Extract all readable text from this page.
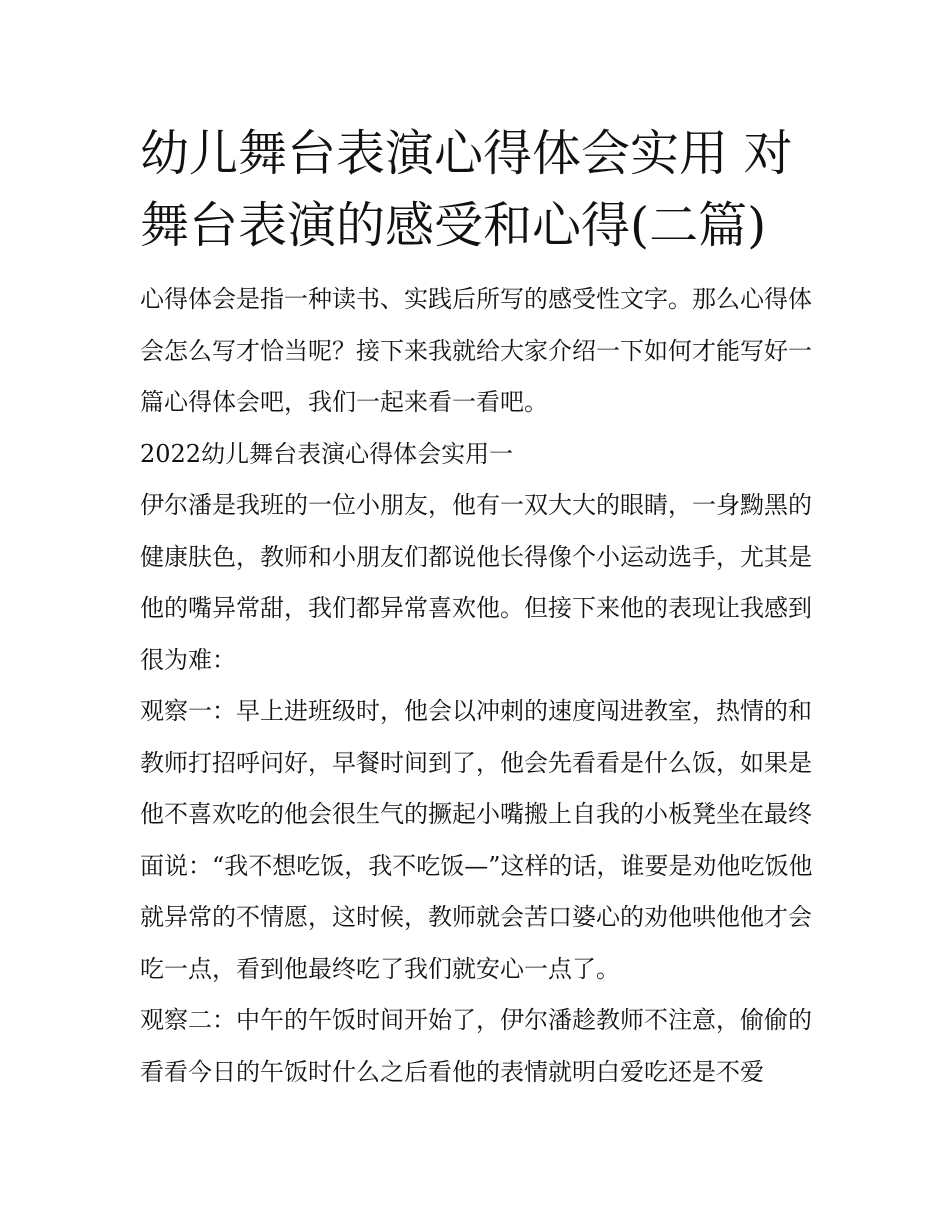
幼儿舞台表演心得体会实用 对舞台表演的感受和心得(二篇)

心得体会是指一种读书、实践后所写的感受性文字。那么心得体会怎么写才恰当呢？接下来我就给大家介绍一下如何才能写好一篇心得体会吧，我们一起来看一看吧。

2022幼儿舞台表演心得体会实用一

伊尔潘是我班的一位小朋友，他有一双大大的眼睛，一身黝黑的健康肤色，教师和小朋友们都说他长得像个小运动选手，尤其是他的嘴异常甜，我们都异常喜欢他。但接下来他的表现让我感到很为难：

观察一：早上进班级时，他会以冲刺的速度闯进教室，热情的和教师打招呼问好，早餐时间到了，他会先看看是什么饭，如果是他不喜欢吃的他会很生气的撅起小嘴搬上自我的小板凳坐在最终面说：“我不想吃饭，我不吃饭—”这样的话，谁要是劝他吃饭他就异常的不情愿，这时候，教师就会苦口婆心的劝他哄他他才会吃一点，看到他最终吃了我们就安心一点了。

观察二：中午的午饭时间开始了，伊尔潘趁教师不注意，偷偷的看看今日的午饭时什么之后看他的表情就明白爱吃还是不爱
